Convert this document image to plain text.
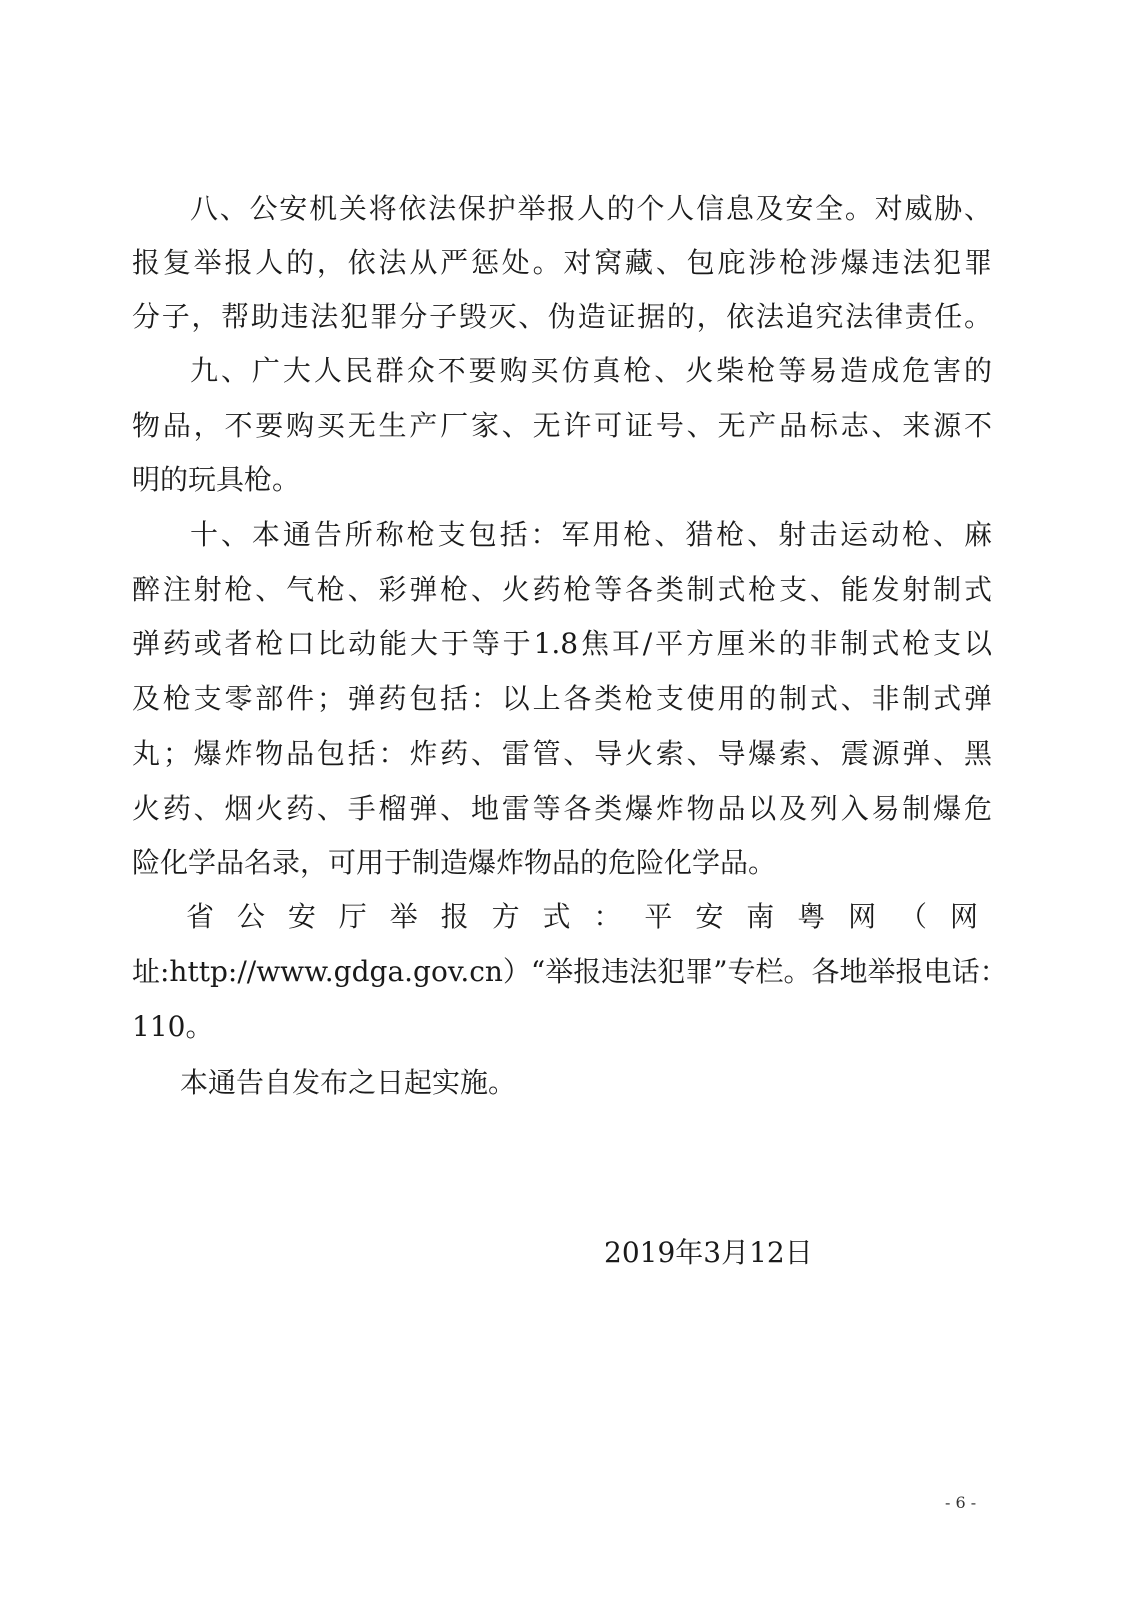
八、公安机关将依法保护举报人的个人信息及安全。对威胁、
报复举报人的，依法从严惩处。对窝藏、包庇涉枪涉爆违法犯罪
分子，帮助违法犯罪分子毁灭、伪造证据的，依法追究法律责任。
九、广大人民群众不要购买仿真枪、火柴枪等易造成危害的
物品，不要购买无生产厂家、无许可证号、无产品标志、来源不
明的玩具枪。
十、本通告所称枪支包括：军用枪、猎枪、射击运动枪、麻
醉注射枪、气枪、彩弹枪、火药枪等各类制式枪支、能发射制式
弹药或者枪口比动能大于等于1.8焦耳/平方厘米的非制式枪支以
及枪支零部件；弹药包括：以上各类枪支使用的制式、非制式弹
丸；爆炸物品包括：炸药、雷管、导火索、导爆索、震源弹、黑
火药、烟火药、手榴弹、地雷等各类爆炸物品以及列入易制爆危
险化学品名录，可用于制造爆炸物品的危险化学品。
省公安厅举报方式：平安南粤网（网
址:http://www.gdga.gov.cn）“举报违法犯罪”专栏。各地举报电话：
110。
本通告自发布之日起实施。
2019年3月12日
- 6 -
